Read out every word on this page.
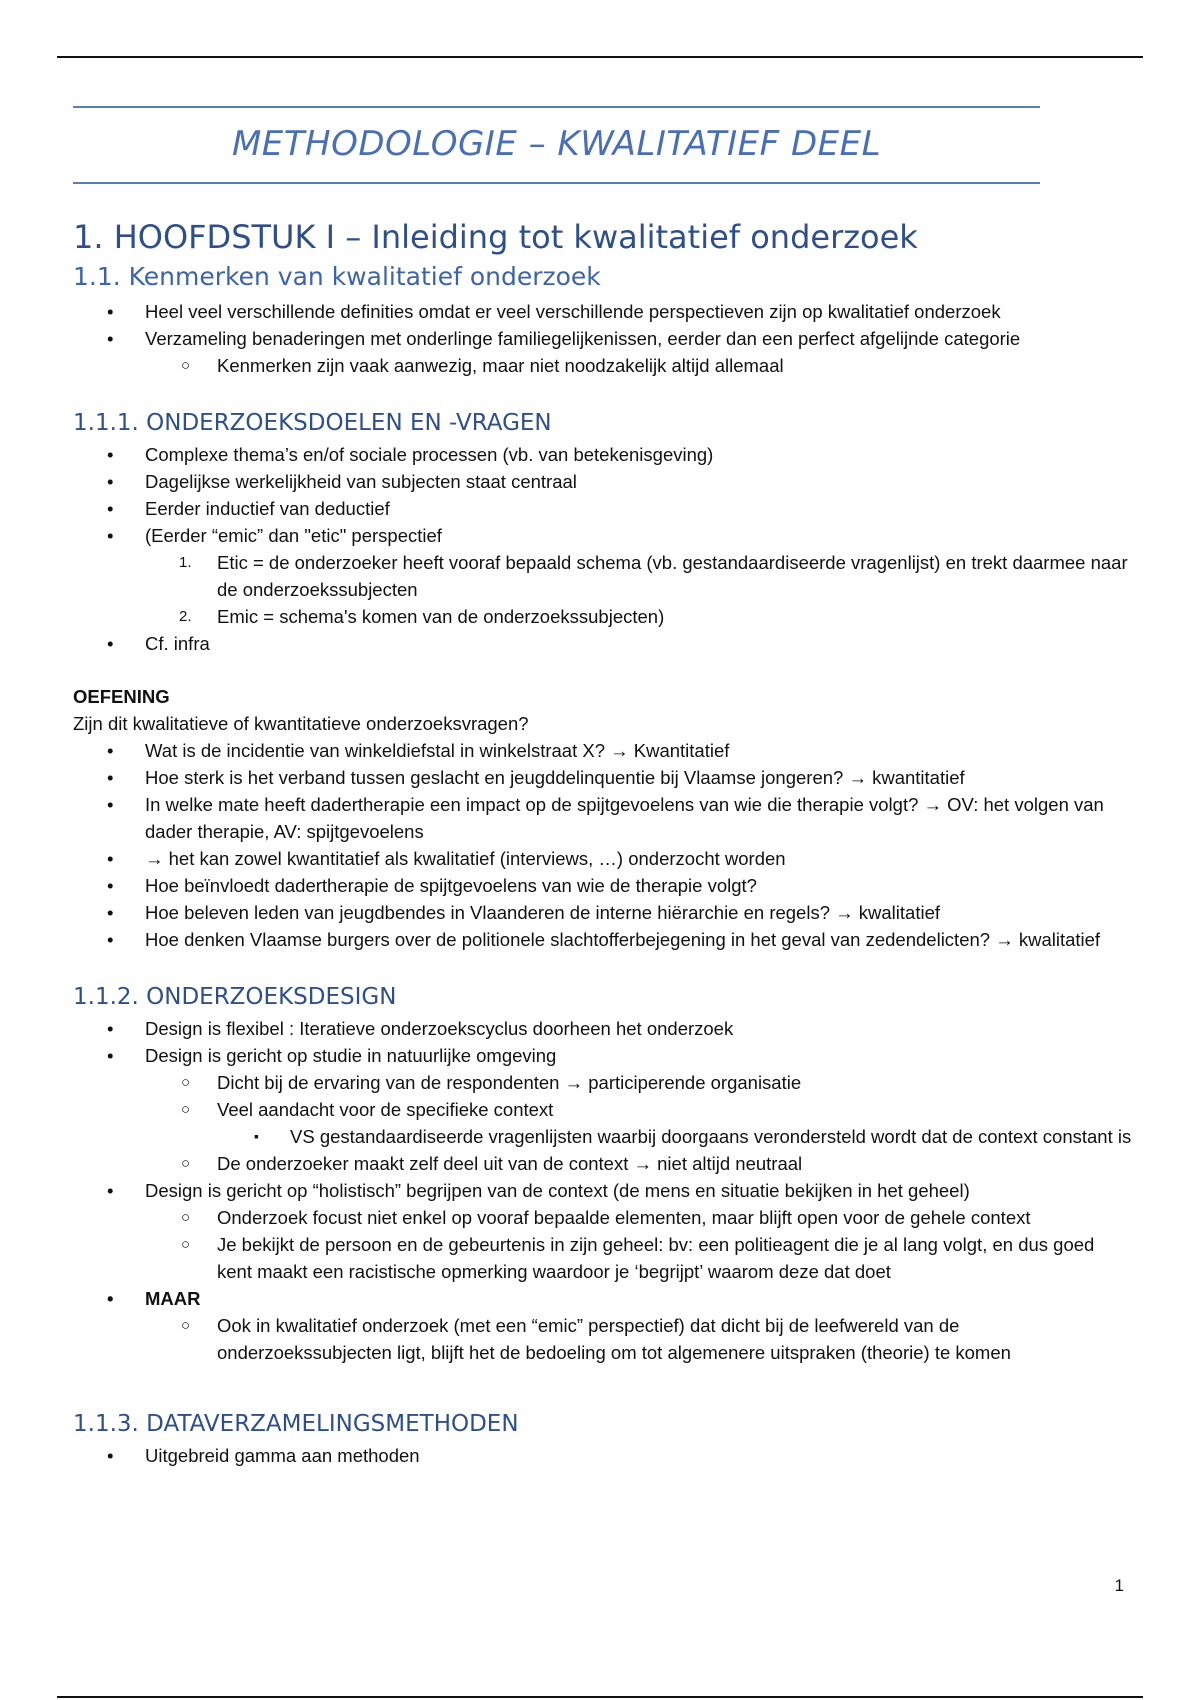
METHODOLOGIE – KWALITATIEF DEEL
1. HOOFDSTUK I – Inleiding tot kwalitatief onderzoek
1.1. Kenmerken van kwalitatief onderzoek
• Heel veel verschillende definities omdat er veel verschillende perspectieven zijn op kwalitatief onderzoek
• Verzameling benaderingen met onderlinge familiegelijkenissen, eerder dan een perfect afgelijnde categorie
○ Kenmerken zijn vaak aanwezig, maar niet noodzakelijk altijd allemaal
1.1.1. ONDERZOEKSDOELEN EN -VRAGEN
• Complexe thema’s en/of sociale processen (vb. van betekenisgeving)
• Dagelijkse werkelijkheid van subjecten staat centraal
• Eerder inductief van deductief
• (Eerder “emic” dan "etic" perspectief
1. Etic = de onderzoeker heeft vooraf bepaald schema (vb. gestandaardiseerde vragenlijst) en trekt daarmee naar de onderzoekssubjecten
2. Emic = schema's komen van de onderzoekssubjecten)
• Cf. infra
OEFENING
Zijn dit kwalitatieve of kwantitatieve onderzoeksvragen?
• Wat is de incidentie van winkeldiefstal in winkelstraat X? → Kwantitatief
• Hoe sterk is het verband tussen geslacht en jeugddelinquentie bij Vlaamse jongeren? → kwantitatief
• In welke mate heeft dadertherapie een impact op de spijtgevoelens van wie die therapie volgt? → OV: het volgen van dader therapie, AV: spijtgevoelens
• → het kan zowel kwantitatief als kwalitatief (interviews, …) onderzocht worden
• Hoe beïnvloedt dadertherapie de spijtgevoelens van wie de therapie volgt?
• Hoe beleven leden van jeugdbendes in Vlaanderen de interne hiërarchie en regels? → kwalitatief
• Hoe denken Vlaamse burgers over de politionele slachtofferbejegening in het geval van zedendelicten? → kwalitatief
1.1.2. ONDERZOEKSDESIGN
• Design is flexibel : Iteratieve onderzoekscyclus doorheen het onderzoek
• Design is gericht op studie in natuurlijke omgeving
○ Dicht bij de ervaring van de respondenten → participerende organisatie
○ Veel aandacht voor de specifieke context
▪ VS gestandaardiseerde vragenlijsten waarbij doorgaans verondersteld wordt dat de context constant is
○ De onderzoeker maakt zelf deel uit van de context → niet altijd neutraal
• Design is gericht op “holistisch” begrijpen van de context (de mens en situatie bekijken in het geheel)
○ Onderzoek focust niet enkel op vooraf bepaalde elementen, maar blijft open voor de gehele context
○ Je bekijkt de persoon en de gebeurtenis in zijn geheel: bv: een politieagent die je al lang volgt, en dus goed kent maakt een racistische opmerking waardoor je ‘begrijpt’ waarom deze dat doet
• MAAR
○ Ook in kwalitatief onderzoek (met een “emic” perspectief) dat dicht bij de leefwereld van de onderzoekssubjecten ligt, blijft het de bedoeling om tot algemenere uitspraken (theorie) te komen
1.1.3. DATAVERZAMELINGSMETHODEN
• Uitgebreid gamma aan methoden
1
